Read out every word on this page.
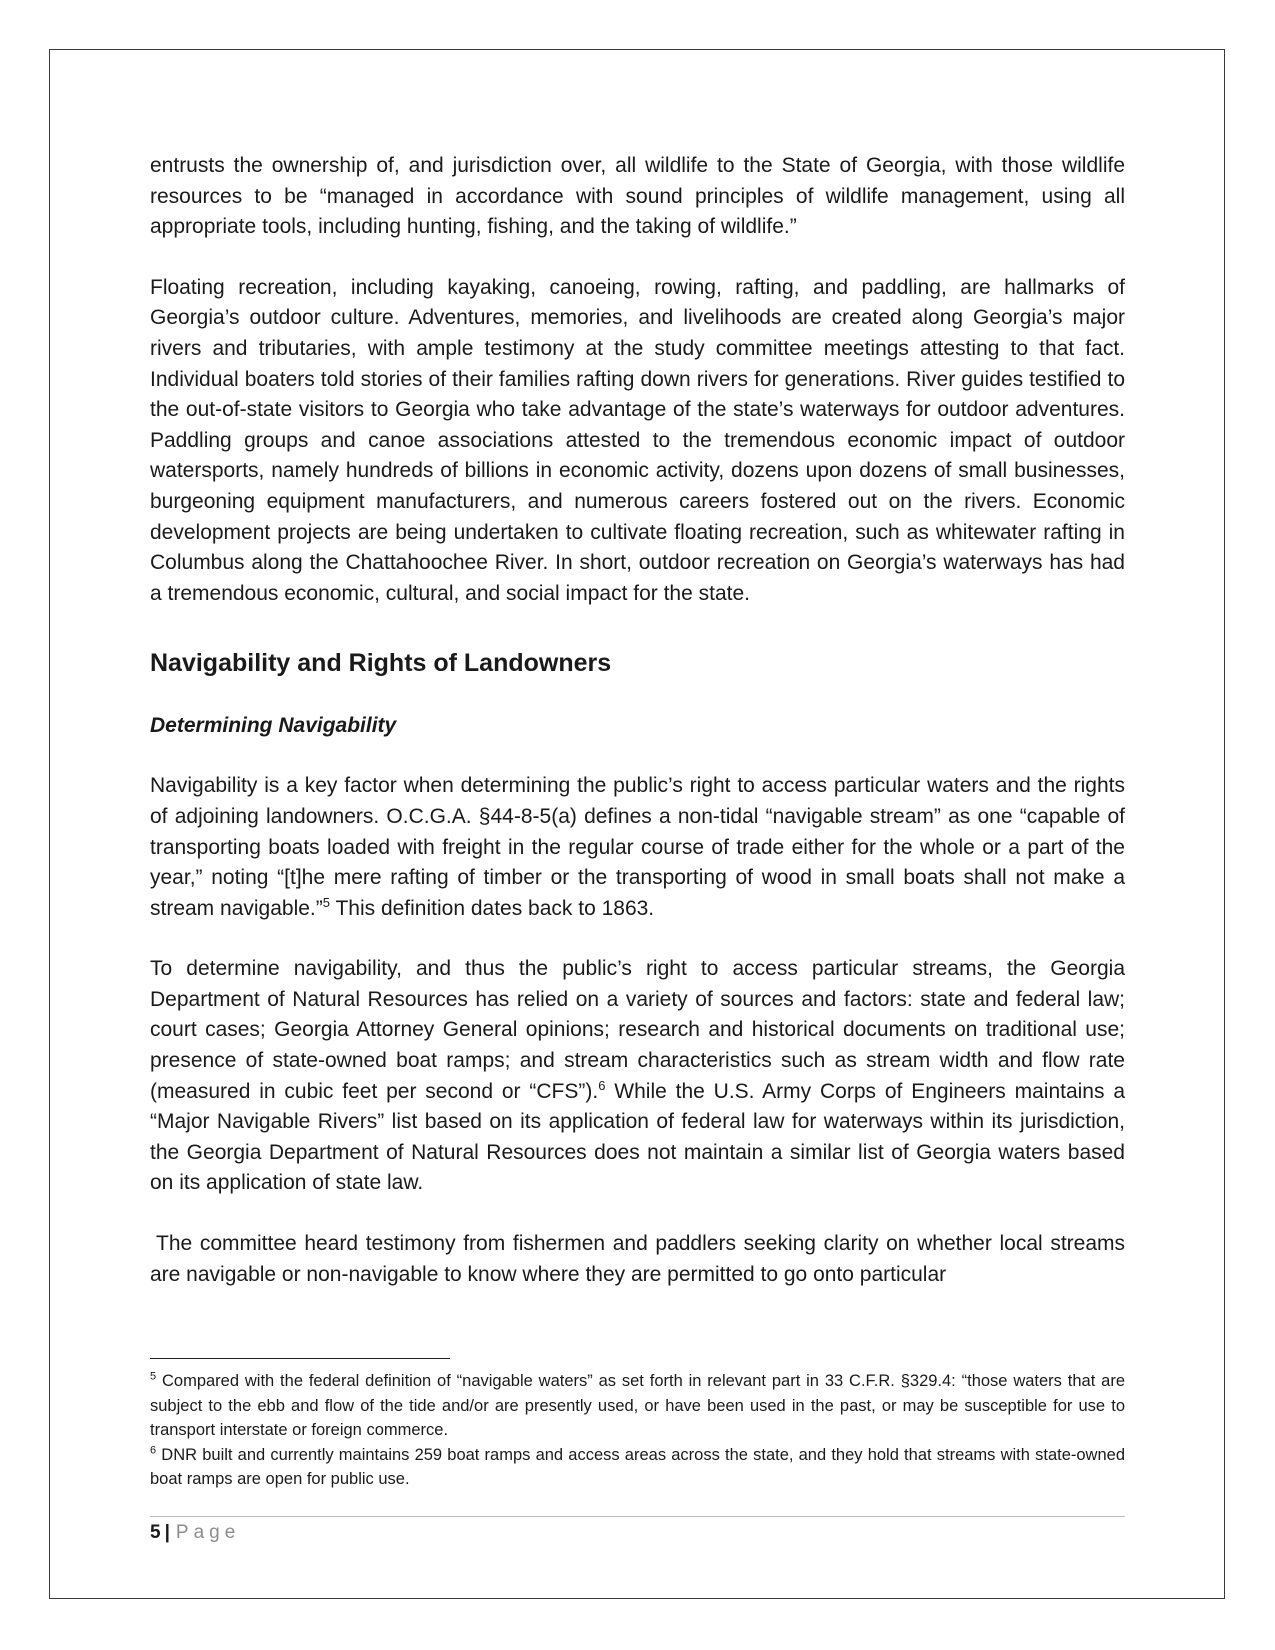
entrusts the ownership of, and jurisdiction over, all wildlife to the State of Georgia, with those wildlife resources to be “managed in accordance with sound principles of wildlife management, using all appropriate tools, including hunting, fishing, and the taking of wildlife.”

Floating recreation, including kayaking, canoeing, rowing, rafting, and paddling, are hallmarks of Georgia’s outdoor culture. Adventures, memories, and livelihoods are created along Georgia’s major rivers and tributaries, with ample testimony at the study committee meetings attesting to that fact. Individual boaters told stories of their families rafting down rivers for generations. River guides testified to the out-of-state visitors to Georgia who take advantage of the state’s waterways for outdoor adventures. Paddling groups and canoe associations attested to the tremendous economic impact of outdoor watersports, namely hundreds of billions in economic activity, dozens upon dozens of small businesses, burgeoning equipment manufacturers, and numerous careers fostered out on the rivers. Economic development projects are being undertaken to cultivate floating recreation, such as whitewater rafting in Columbus along the Chattahoochee River. In short, outdoor recreation on Georgia’s waterways has had a tremendous economic, cultural, and social impact for the state.

Navigability and Rights of Landowners
Determining Navigability

Navigability is a key factor when determining the public’s right to access particular waters and the rights of adjoining landowners. O.C.G.A. §44-8-5(a) defines a non-tidal “navigable stream” as one “capable of transporting boats loaded with freight in the regular course of trade either for the whole or a part of the year,” noting “[t]he mere rafting of timber or the transporting of wood in small boats shall not make a stream navigable.”$^5$ This definition dates back to 1863.

To determine navigability, and thus the public’s right to access particular streams, the Georgia Department of Natural Resources has relied on a variety of sources and factors: state and federal law; court cases; Georgia Attorney General opinions; research and historical documents on traditional use; presence of state-owned boat ramps; and stream characteristics such as stream width and flow rate (measured in cubic feet per second or “CFS”).$^6$ While the U.S. Army Corps of Engineers maintains a “Major Navigable Rivers” list based on its application of federal law for waterways within its jurisdiction, the Georgia Department of Natural Resources does not maintain a similar list of Georgia waters based on its application of state law.

The committee heard testimony from fishermen and paddlers seeking clarity on whether local streams are navigable or non-navigable to know where they are permitted to go onto particular

$^5$ Compared with the federal definition of “navigable waters” as set forth in relevant part in 33 C.F.R. §329.4: “those waters that are subject to the ebb and flow of the tide and/or are presently used, or have been used in the past, or may be susceptible for use to transport interstate or foreign commerce.

$^6$ DNR built and currently maintains 259 boat ramps and access areas across the state, and they hold that streams with state-owned boat ramps are open for public use.

5 | Page
